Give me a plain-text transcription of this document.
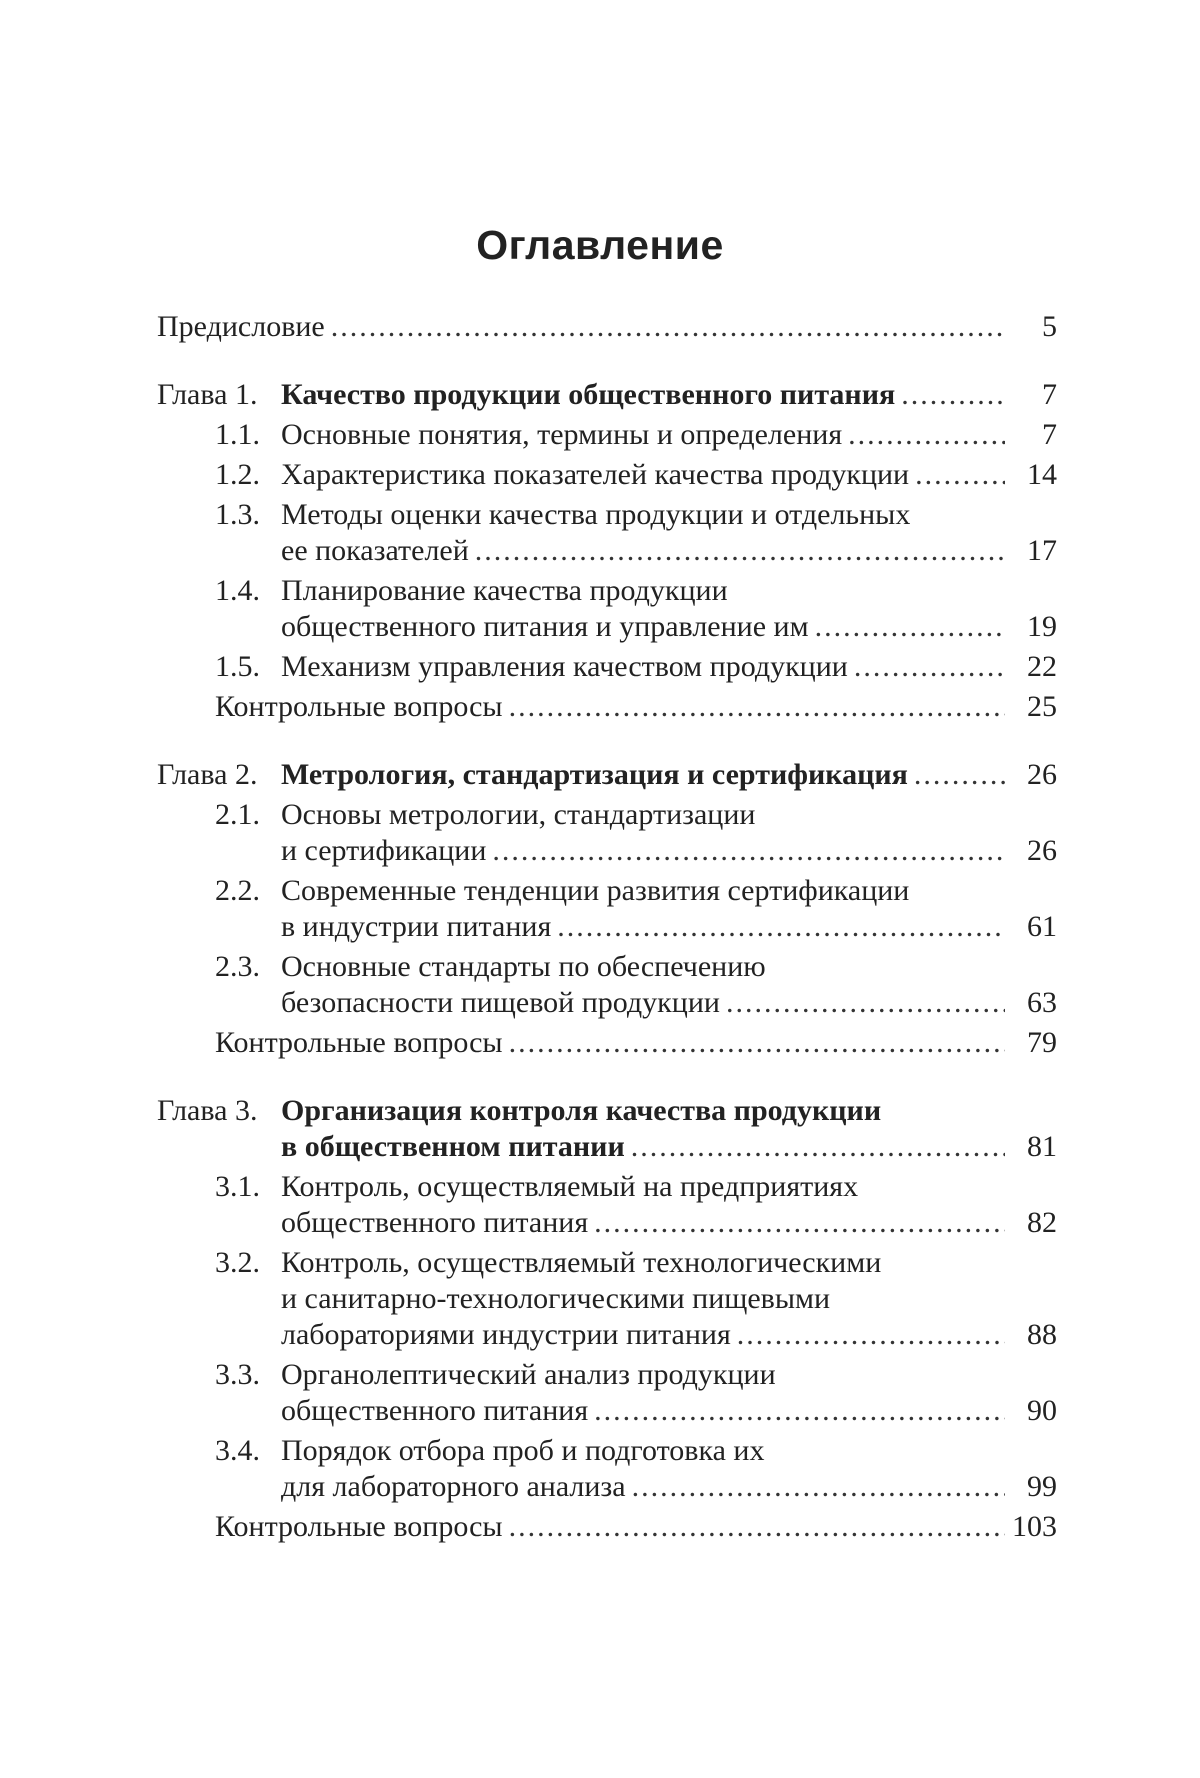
Оглавление
Предисловие .....	5
Глава 1. Качество продукции общественного питания .....	7
1.1. Основные понятия, термины и определения .....	7
1.2. Характеристика показателей качества продукции .....	14
1.3. Методы оценки качества продукции и отдельных
ее показателей .....	17
1.4. Планирование качества продукции
общественного питания и управление им .....	19
1.5. Механизм управления качеством продукции .....	22
Контрольные вопросы .....	25
Глава 2. Метрология, стандартизация и сертификация .....	26
2.1. Основы метрологии, стандартизации
и сертификации .....	26
2.2. Современные тенденции развития сертификации
в индустрии питания .....	61
2.3. Основные стандарты по обеспечению
безопасности пищевой продукции .....	63
Контрольные вопросы .....	79
Глава 3. Организация контроля качества продукции
в общественном питании .....	81
3.1. Контроль, осуществляемый на предприятиях
общественного питания .....	82
3.2. Контроль, осуществляемый технологическими
и санитарно-технологическими пищевыми
лабораториями индустрии питания .....	88
3.3. Органолептический анализ продукции
общественного питания .....	90
3.4. Порядок отбора проб и подготовка их
для лабораторного анализа .....	99
Контрольные вопросы .....	103
